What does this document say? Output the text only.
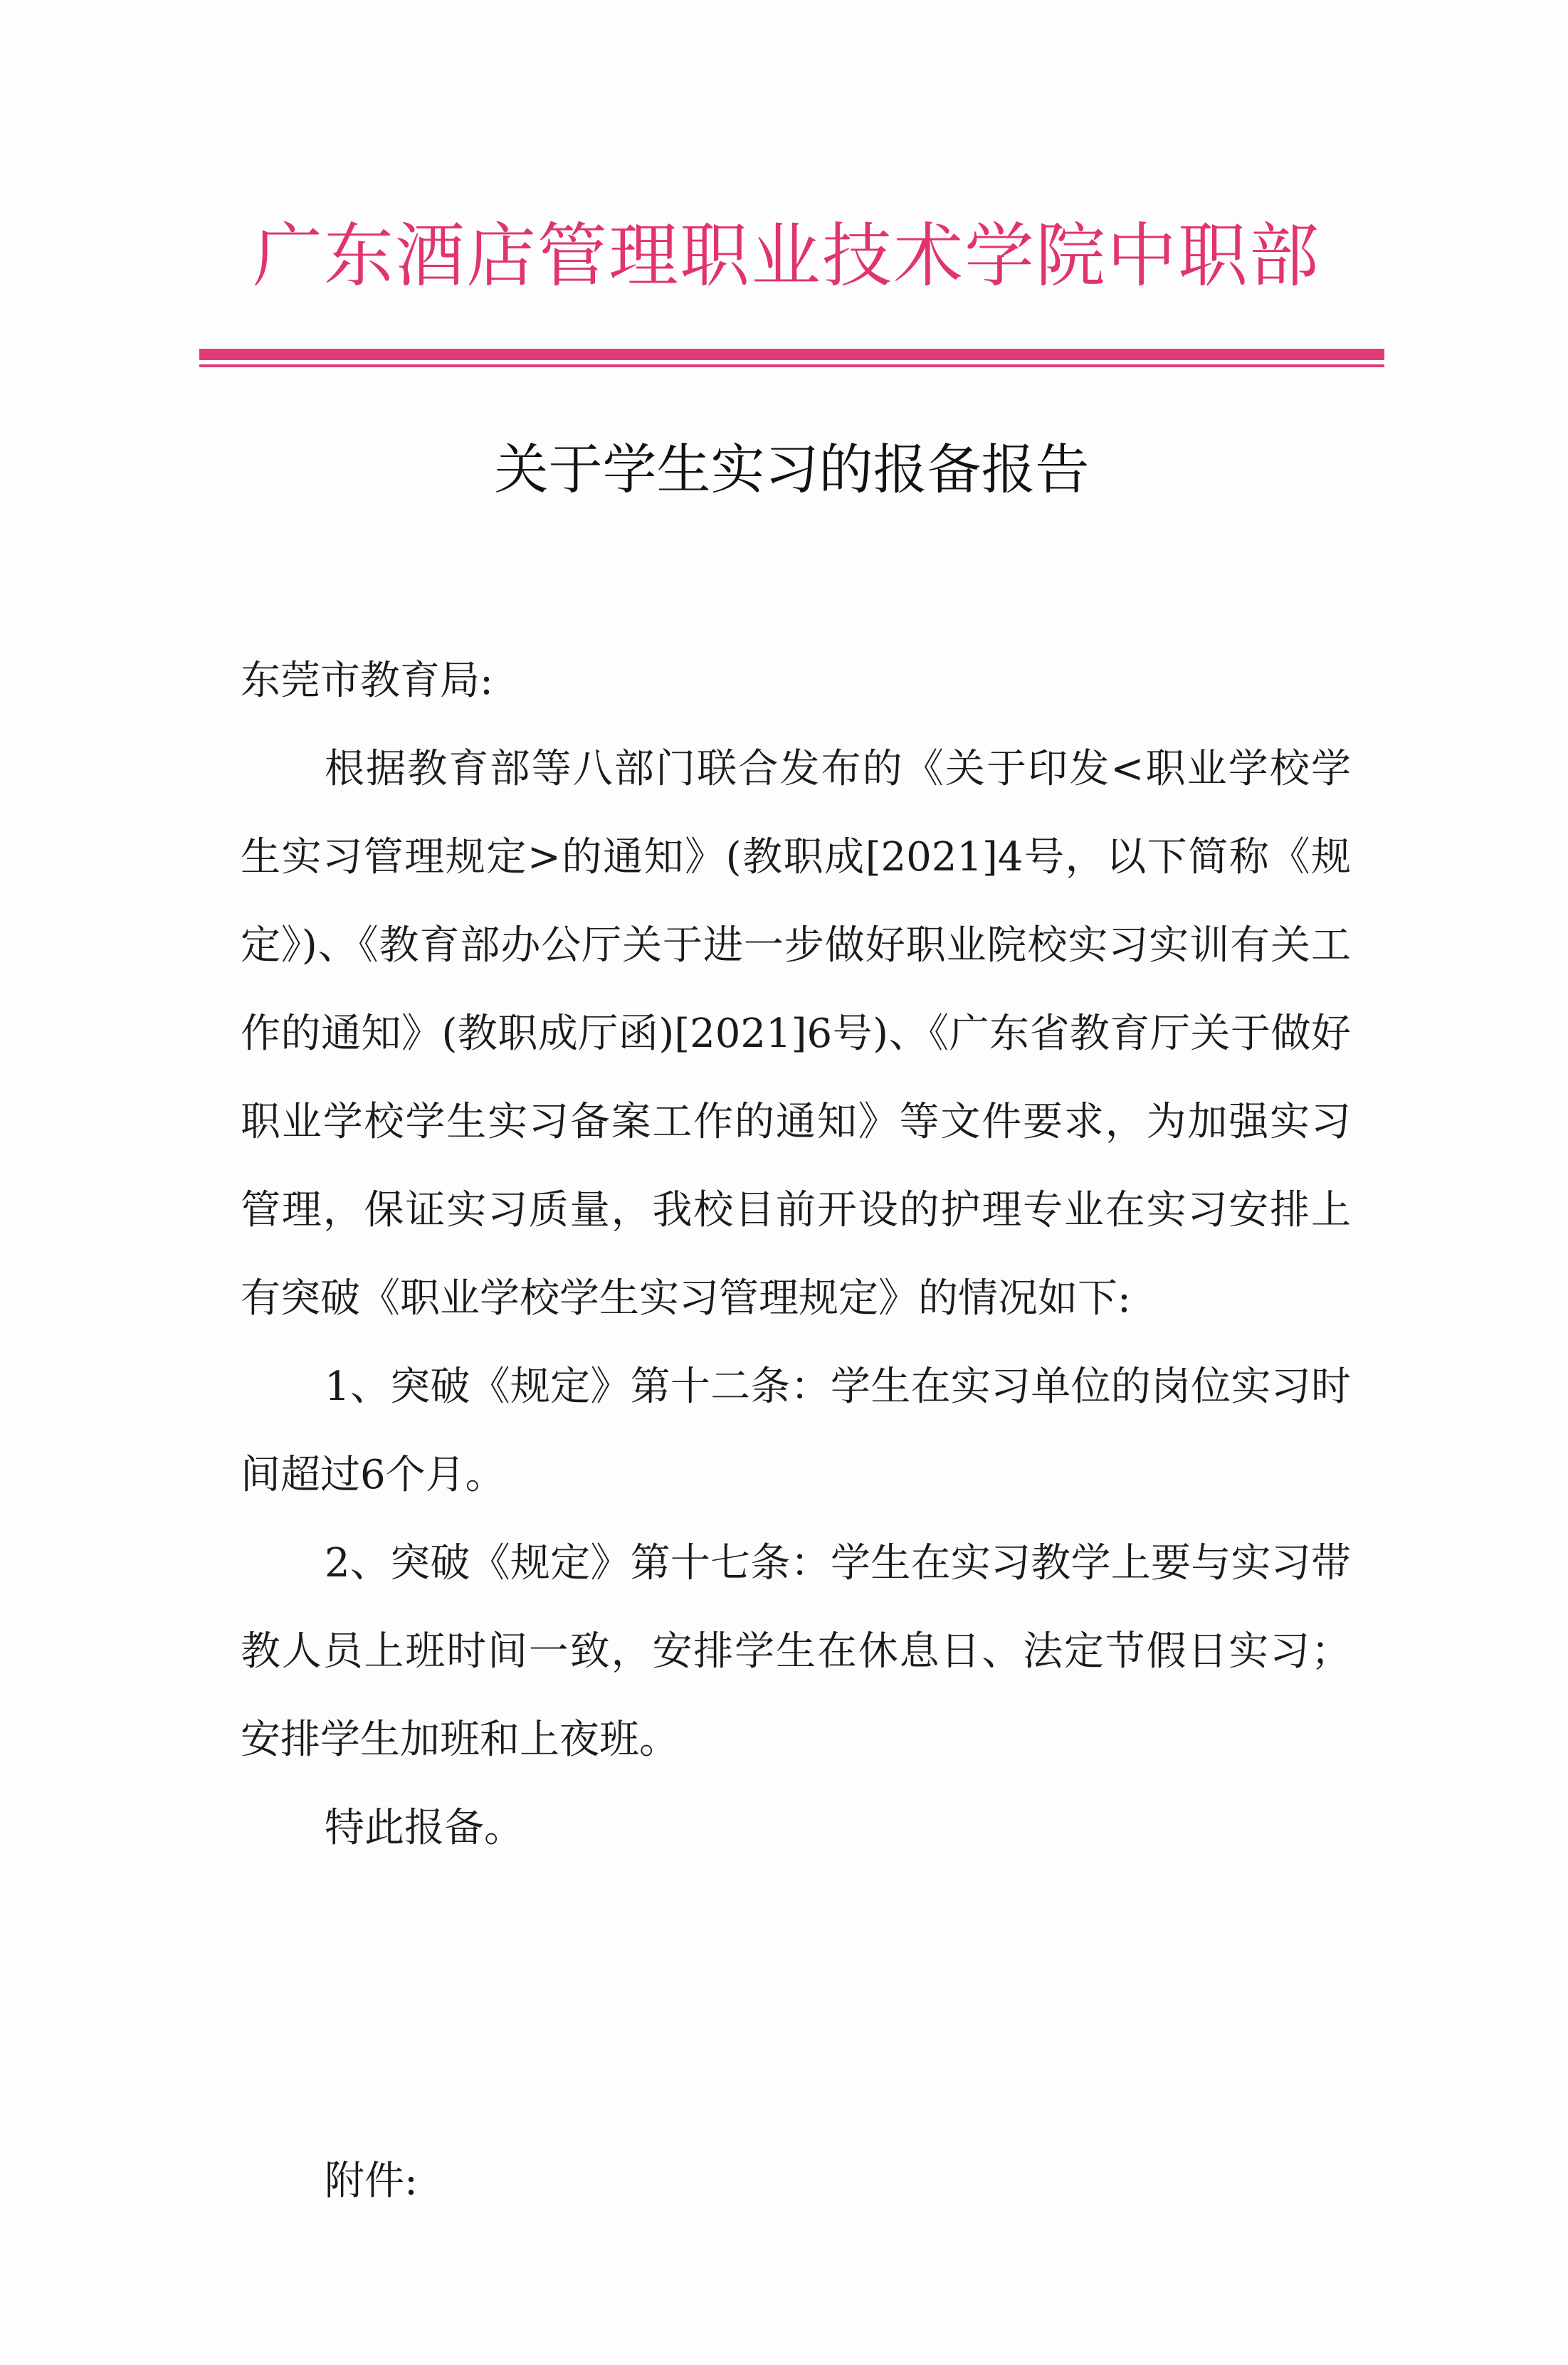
广东酒店管理职业技术学院中职部
关于学生实习的报备报告

东莞市教育局:

根据教育部等八部门联合发布的《关于印发<职业学校学生实习管理规定>的通知》(教职成[2021]4号，以下简称《规定》)、《教育部办公厅关于进一步做好职业院校实习实训有关工作的通知》(教职成厅函)[2021]6号)、《广东省教育厅关于做好职业学校学生实习备案工作的通知》等文件要求，为加强实习管理，保证实习质量，我校目前开设的护理专业在实习安排上有突破《职业学校学生实习管理规定》的情况如下:

1、突破《规定》第十二条：学生在实习单位的岗位实习时间超过6个月。

2、突破《规定》第十七条：学生在实习教学上要与实习带教人员上班时间一致，安排学生在休息日、法定节假日实习；安排学生加班和上夜班。

特此报备。

附件:
